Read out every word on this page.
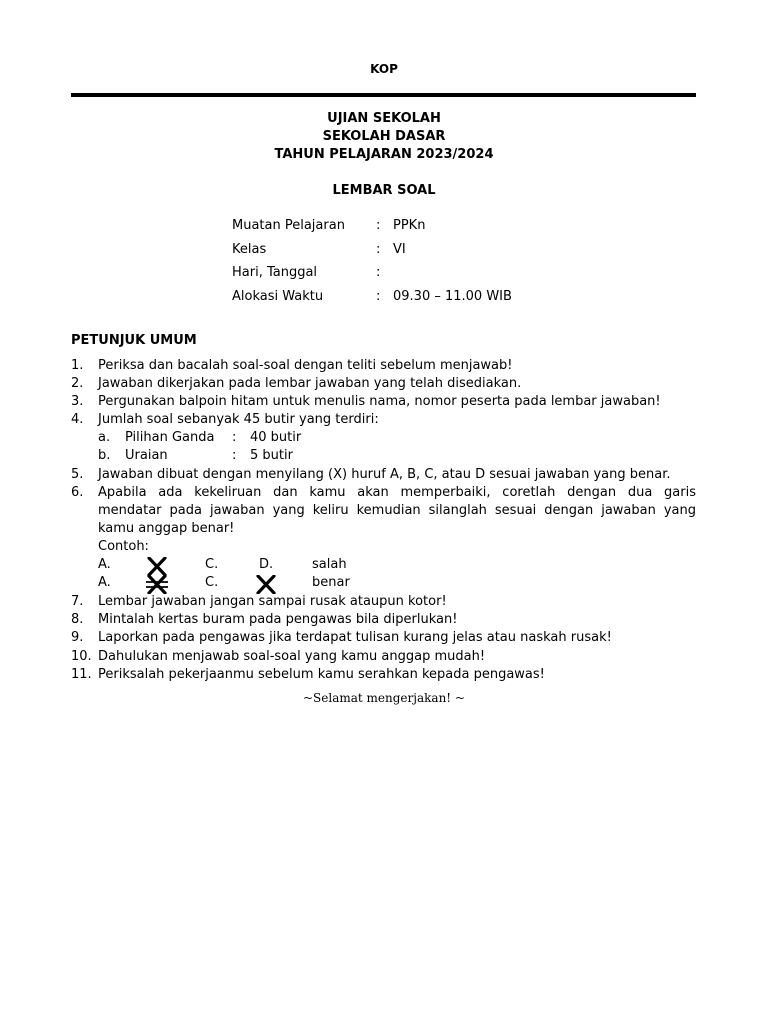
KOP
UJIAN SEKOLAH
SEKOLAH DASAR
TAHUN PELAJARAN 2023/2024
LEMBAR SOAL
Muatan Pelajaran : PPKn
Kelas	: VI
Hari, Tanggal	:
Alokasi Waktu	: 09.30 – 11.00 WIB
PETUNJUK UMUM
1. Periksa dan bacalah soal-soal dengan teliti sebelum menjawab!
2. Jawaban dikerjakan pada lembar jawaban yang telah disediakan.
3. Pergunakan balpoin hitam untuk menulis nama, nomor peserta pada lembar jawaban!
4. Jumlah soal sebanyak 45 butir yang terdiri:
a. Pilihan Ganda : 40 butir
b. Uraian	: 5 butir
5. Jawaban dibuat dengan menyilang (X) huruf A, B, C, atau D sesuai jawaban yang benar.
6. Apabila ada kekeliruan dan kamu akan memperbaiki, coretlah dengan dua garis
mendatar pada jawaban yang keliru kemudian silanglah sesuai dengan jawaban yang
kamu anggap benar!
Contoh:
A.	C.	D.	salah
A.	C.	benar
7. Lembar jawaban jangan sampai rusak ataupun kotor!
8. Mintalah kertas buram pada pengawas bila diperlukan!
9. Laporkan pada pengawas jika terdapat tulisan kurang jelas atau naskah rusak!
10. Dahulukan menjawab soal-soal yang kamu anggap mudah!
11. Periksalah pekerjaanmu sebelum kamu serahkan kepada pengawas!
~Selamat mengerjakan! ~
